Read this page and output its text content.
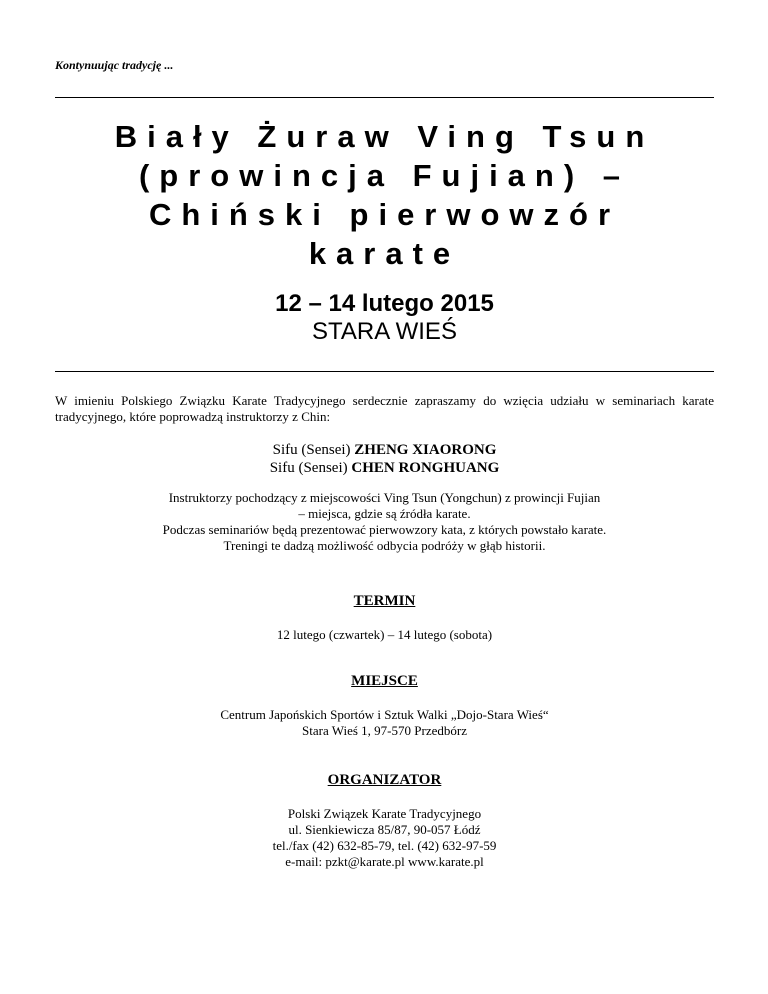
Kontynuując tradycję ...
Biały Żuraw Ving Tsun
(prowincja Fujian) –
Chiński pierwowzór
karate
12 – 14 lutego 2015
STARA WIEŚ
W imieniu Polskiego Związku Karate Tradycyjnego serdecznie zapraszamy do wzięcia udziału w seminariach karate tradycyjnego, które poprowadzą instruktorzy z Chin:
Sifu (Sensei) ZHENG XIAORONG
Sifu (Sensei) CHEN RONGHUANG
Instruktorzy pochodzący z miejscowości Ving Tsun (Yongchun) z prowincji Fujian
– miejsca, gdzie są źródła karate.
Podczas seminariów będą prezentować pierwowzory kata, z których powstało karate.
Treningi te dadzą możliwość odbycia podróży w głąb historii.
TERMIN
12 lutego (czwartek) – 14 lutego (sobota)
MIEJSCE
Centrum Japońskich Sportów i Sztuk Walki „Dojo-Stara Wieś“
Stara Wieś 1, 97-570 Przedbórz
ORGANIZATOR
Polski Związek Karate Tradycyjnego
ul. Sienkiewicza 85/87, 90-057 Łódź
tel./fax (42) 632-85-79, tel. (42) 632-97-59
e-mail: pzkt@karate.pl www.karate.pl
